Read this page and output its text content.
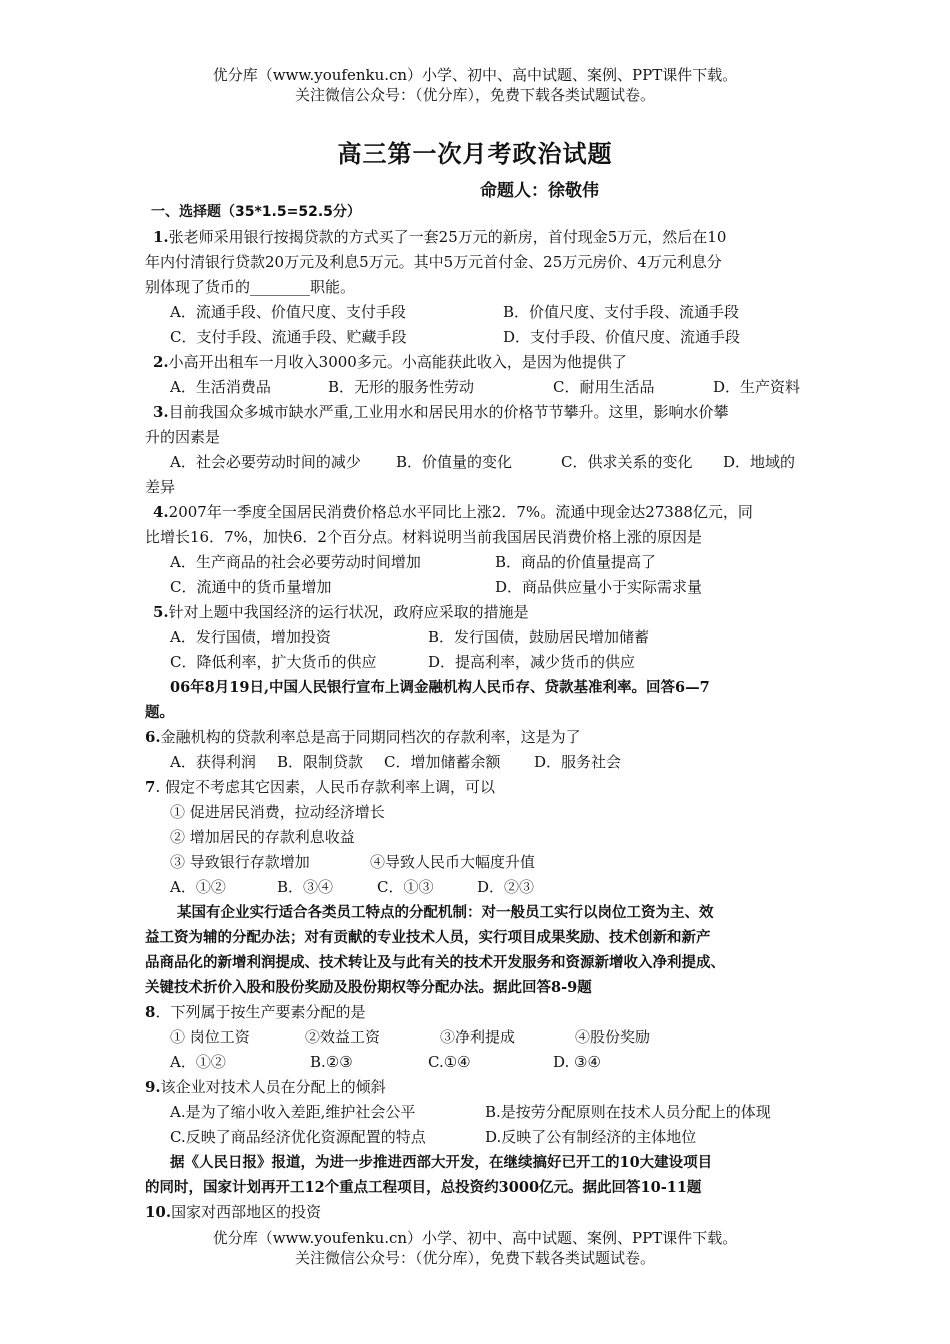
优分库（www.youfenku.cn）小学、初中、高中试题、案例、PPT课件下载。
关注微信公众号：（优分库），免费下载各类试题试卷。
高三第一次月考政治试题
命题人：徐敬伟
一、选择题（35*1.5=52.5分）
1.张老师采用银行按揭贷款的方式买了一套25万元的新房，首付现金5万元，然后在10
年内付清银行贷款20万元及利息5万元。其中5万元首付金、25万元房价、4万元利息分
别体现了货币的________职能。
A．流通手段、价值尺度、支付手段	B．价值尺度、支付手段、流通手段
C．支付手段、流通手段、贮藏手段	D．支付手段、价值尺度、流通手段
2.小高开出租车一月收入3000多元。小高能获此收入，是因为他提供了
A．生活消费品	B．无形的服务性劳动	C．耐用生活品	D．生产资料
3.目前我国众多城市缺水严重,工业用水和居民用水的价格节节攀升。这里，影响水价攀
升的因素是
A．社会必要劳动时间的减少	B．价值量的变化	C．供求关系的变化	D．地域的
差异
4.2007年一季度全国居民消费价格总水平同比上涨2．7%。流通中现金达27388亿元，同
比增长16．7%，加快6．2个百分点。材料说明当前我国居民消费价格上涨的原因是
A．生产商品的社会必要劳动时间增加	B．商品的价值量提高了
C．流通中的货币量增加	D．商品供应量小于实际需求量
5.针对上题中我国经济的运行状况，政府应采取的措施是
A．发行国债，增加投资	B．发行国债，鼓励居民增加储蓄
C．降低利率，扩大货币的供应	D．提高利率，减少货币的供应
06年8月19日,中国人民银行宣布上调金融机构人民币存、贷款基准利率。回答6—7
题。
6.金融机构的贷款利率总是高于同期同档次的存款利率，这是为了
A．获得利润	B．限制贷款	C．增加储蓄余额	D．服务社会
7. 假定不考虑其它因素，人民币存款利率上调，可以
① 促进居民消费，拉动经济增长
② 增加居民的存款利息收益
③ 导致银行存款增加	④导致人民币大幅度升值
A．①②	B．③④	C．①③	D．②③
某国有企业实行适合各类员工特点的分配机制：对一般员工实行以岗位工资为主、效
益工资为辅的分配办法；对有贡献的专业技术人员，实行项目成果奖励、技术创新和新产
品商品化的新增利润提成、技术转让及与此有关的技术开发服务和资源新增收入净利提成、
关键技术折价入股和股份奖励及股份期权等分配办法。据此回答8-9题
8．下列属于按生产要素分配的是
① 岗位工资	②效益工资	③净利提成	④股份奖励
A．①②	B.②③	C.①④	D. ③④
9.该企业对技术人员在分配上的倾斜
A.是为了缩小收入差距,维护社会公平	B.是按劳分配原则在技术人员分配上的体现
C.反映了商品经济优化资源配置的特点	D.反映了公有制经济的主体地位
据《人民日报》报道，为进一步推进西部大开发，在继续搞好已开工的10大建设项目
的同时，国家计划再开工12个重点工程项目，总投资约3000亿元。据此回答10-11题
10.国家对西部地区的投资
优分库（www.youfenku.cn）小学、初中、高中试题、案例、PPT课件下载。
关注微信公众号：（优分库），免费下载各类试题试卷。
